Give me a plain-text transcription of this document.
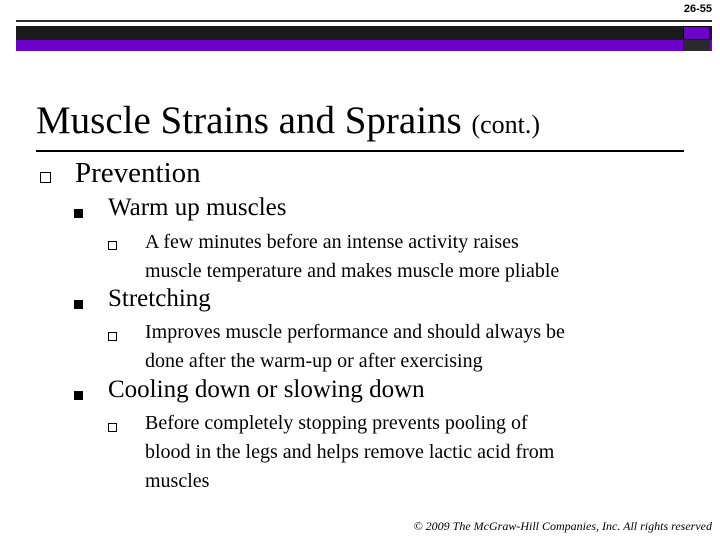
26-55
Muscle Strains and Sprains (cont.)
Prevention
Warm up muscles
A few minutes before an intense activity raises
muscle temperature and makes muscle more pliable
Stretching
Improves muscle performance and should always be
done after the warm-up or after exercising
Cooling down or slowing down
Before completely stopping prevents pooling of
blood in the legs and helps remove lactic acid from
muscles
© 2009 The McGraw-Hill Companies, Inc. All rights reserved
